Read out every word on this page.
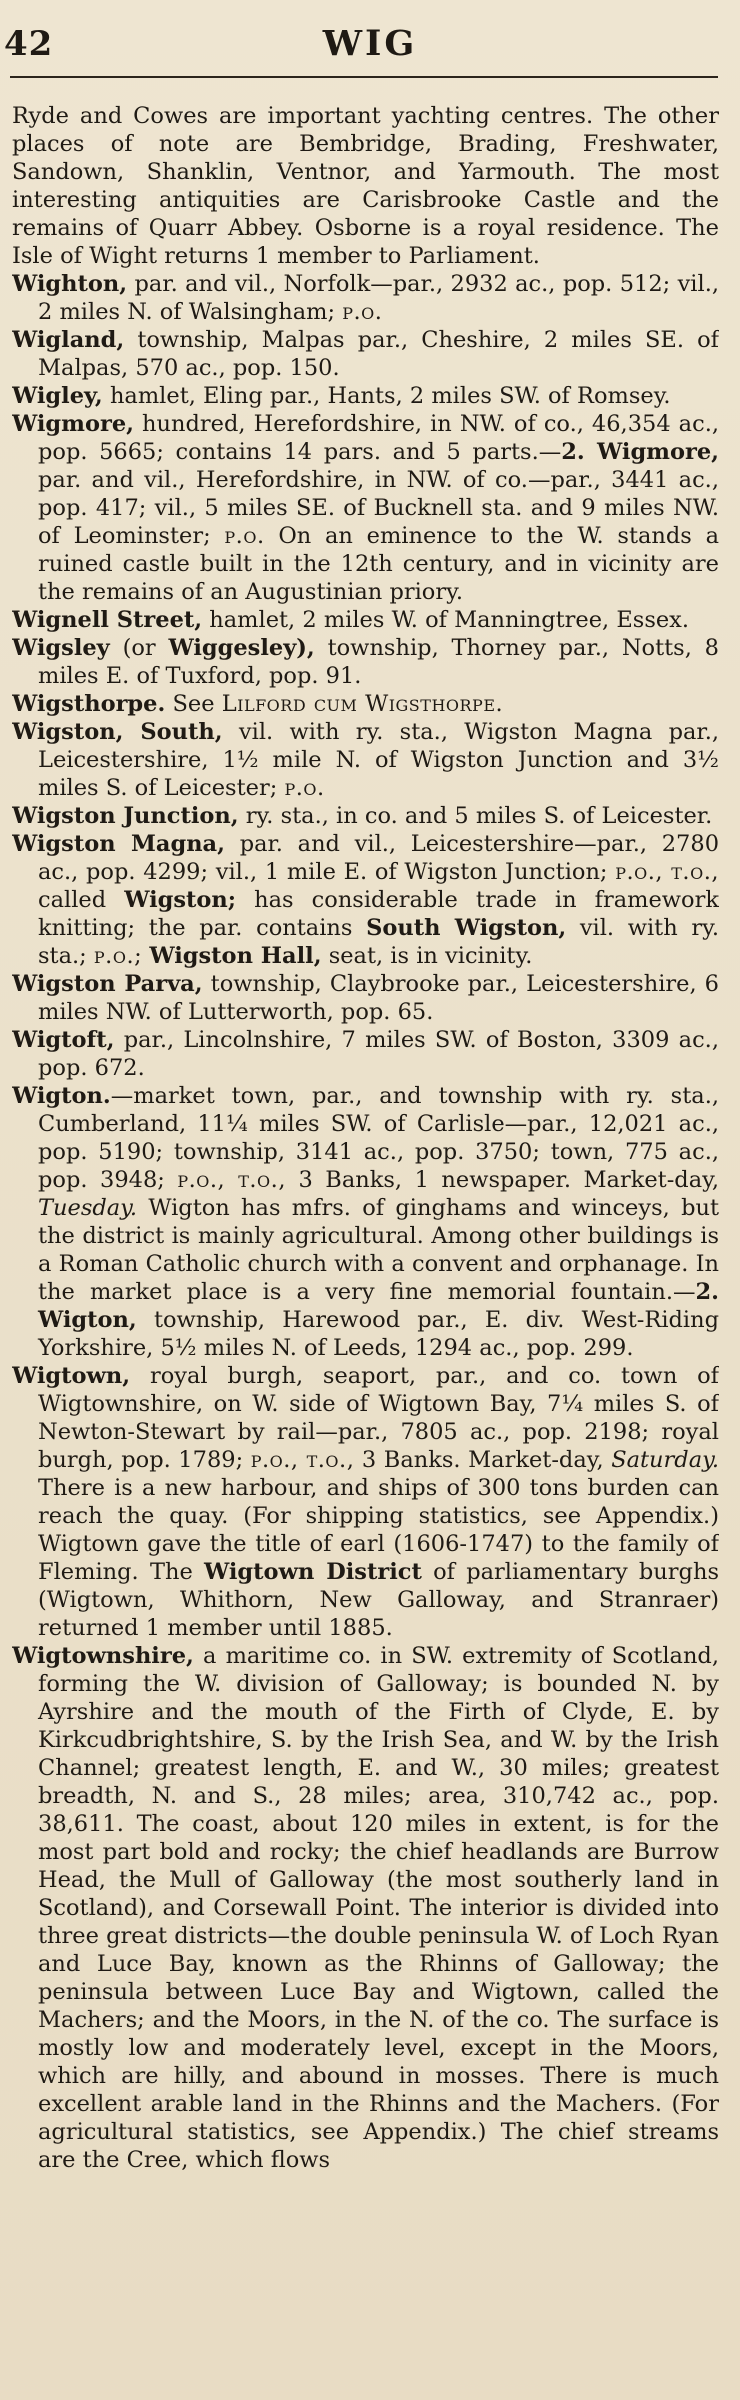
42	WIG

Ryde and Cowes are important yachting centres. The other places of note are Bembridge, Brading, Freshwater, Sandown, Shanklin, Ventnor, and Yarmouth. The most interesting antiquities are Carisbrooke Castle and the remains of Quarr Abbey. Osborne is a royal residence. The Isle of Wight returns 1 member to Parliament.

Wighton, par. and vil., Norfolk—par., 2932 ac., pop. 512; vil., 2 miles N. of Walsingham; p.o.

Wigland, township, Malpas par., Cheshire, 2 miles SE. of Malpas, 570 ac., pop. 150.

Wigley, hamlet, Eling par., Hants, 2 miles SW. of Romsey.

Wigmore, hundred, Herefordshire, in NW. of co., 46,354 ac., pop. 5665; contains 14 pars. and 5 parts.—2. Wigmore, par. and vil., Herefordshire, in NW. of co.—par., 3441 ac., pop. 417; vil., 5 miles SE. of Bucknell sta. and 9 miles NW. of Leominster; p.o. On an eminence to the W. stands a ruined castle built in the 12th century, and in vicinity are the remains of an Augustinian priory.

Wignell Street, hamlet, 2 miles W. of Manningtree, Essex.

Wigsley (or Wiggesley), township, Thorney par., Notts, 8 miles E. of Tuxford, pop. 91.

Wigsthorpe. See Lilford cum Wigsthorpe.

Wigston, South, vil. with ry. sta., Wigston Magna par., Leicestershire, 1½ mile N. of Wigston Junction and 3½ miles S. of Leicester; p.o.

Wigston Junction, ry. sta., in co. and 5 miles S. of Leicester.

Wigston Magna, par. and vil., Leicestershire—par., 2780 ac., pop. 4299; vil., 1 mile E. of Wigston Junction; p.o., t.o., called Wigston; has considerable trade in framework knitting; the par. contains South Wigston, vil. with ry. sta.; p.o.; Wigston Hall, seat, is in vicinity.

Wigston Parva, township, Claybrooke par., Leicestershire, 6 miles NW. of Lutterworth, pop. 65.

Wigtoft, par., Lincolnshire, 7 miles SW. of Boston, 3309 ac., pop. 672.

Wigton.—market town, par., and township with ry. sta., Cumberland, 11¼ miles SW. of Carlisle—par., 12,021 ac., pop. 5190; township, 3141 ac., pop. 3750; town, 775 ac., pop. 3948; p.o., t.o., 3 Banks, 1 newspaper. Market-day, Tuesday. Wigton has mfrs. of ginghams and winceys, but the district is mainly agricultural. Among other buildings is a Roman Catholic church with a convent and orphanage. In the market place is a very fine memorial fountain.—2. Wigton, township, Harewood par., E. div. West-Riding Yorkshire, 5½ miles N. of Leeds, 1294 ac., pop. 299.

Wigtown, royal burgh, seaport, par., and co. town of Wigtownshire, on W. side of Wigtown Bay, 7¼ miles S. of Newton-Stewart by rail—par., 7805 ac., pop. 2198; royal burgh, pop. 1789; p.o., t.o., 3 Banks. Market-day, Saturday. There is a new harbour, and ships of 300 tons burden can reach the quay. (For shipping statistics, see Appendix.) Wigtown gave the title of earl (1606-1747) to the family of Fleming. The Wigtown District of parliamentary burghs (Wigtown, Whithorn, New Galloway, and Stranraer) returned 1 member until 1885.

Wigtownshire, a maritime co. in SW. extremity of Scotland, forming the W. division of Galloway; is bounded N. by Ayrshire and the mouth of the Firth of Clyde, E. by Kirkcudbrightshire, S. by the Irish Sea, and W. by the Irish Channel; greatest length, E. and W., 30 miles; greatest breadth, N. and S., 28 miles; area, 310,742 ac., pop. 38,611. The coast, about 120 miles in extent, is for the most part bold and rocky; the chief headlands are Burrow Head, the Mull of Galloway (the most southerly land in Scotland), and Corsewall Point. The interior is divided into three great districts—the double peninsula W. of Loch Ryan and Luce Bay, known as the Rhinns of Galloway; the peninsula between Luce Bay and Wigtown, called the Machers; and the Moors, in the N. of the co. The surface is mostly low and moderately level, except in the Moors, which are hilly, and abound in mosses. There is much excellent arable land in the Rhinns and the Machers. (For agricultural statistics, see Appendix.) The chief streams are the Cree, which flows
